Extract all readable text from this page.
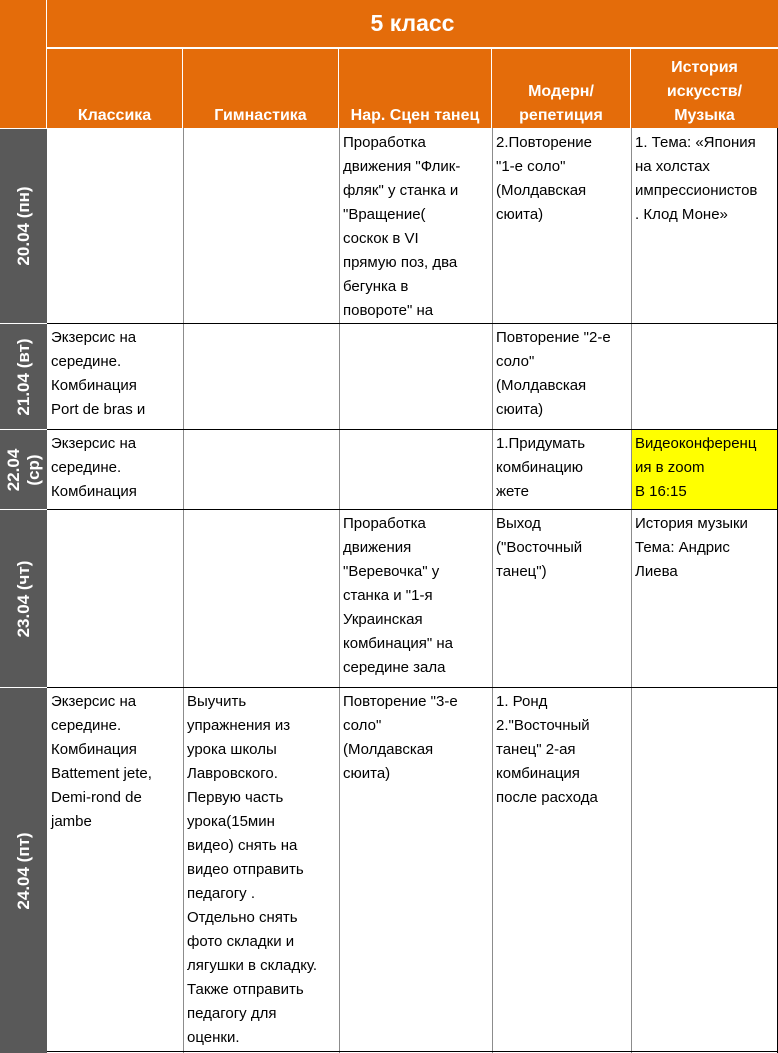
5 класс
Классика	Гимнастика	Нар. Сцен танец
Модерн/
репетиция
История
искусств/
Музыка
20.04 (пн)
21.04 (вт)
22.04
(ср)
23.04 (чт)
24.04 (пт)
Проработка
движения "Флик-
фляк" у станка и
"Вращение(
соскок в VI
прямую поз, два
бегунка в
повороте" на
2.Повторение
"1-е соло"
(Молдавская
сюита)
1. Тема: «Япония
на холстах
импрессионистов
. Клод Моне»
Экзерсис на
середине.
Комбинация
Port de bras и
Повторение "2-е
соло"
(Молдавская
сюита)
Экзерсис на
середине.
Комбинация
1.Придумать
комбинацию
жете
Видеоконференц
ия в zoom
В 16:15
Проработка
движения
"Веревочка" у
станка и "1-я
Украинская
комбинация" на
середине зала
Выход
("Восточный
танец")
История музыки
Тема: Андрис
Лиева
Экзерсис на
середине.
Комбинация
Battement jete,
Demi-rond de
jambe
Выучить
упражнения из
урока школы
Лавровского.
Первую часть
урока(15мин
видео) снять на
видео отправить
педагогу .
Отдельно снять
фото складки и
лягушки в складку.
Также отправить
педагогу для
оценки.
Повторение "3-е
соло"
(Молдавская
сюита)
1. Ронд
2."Восточный
танец" 2-ая
комбинация
после расхода
